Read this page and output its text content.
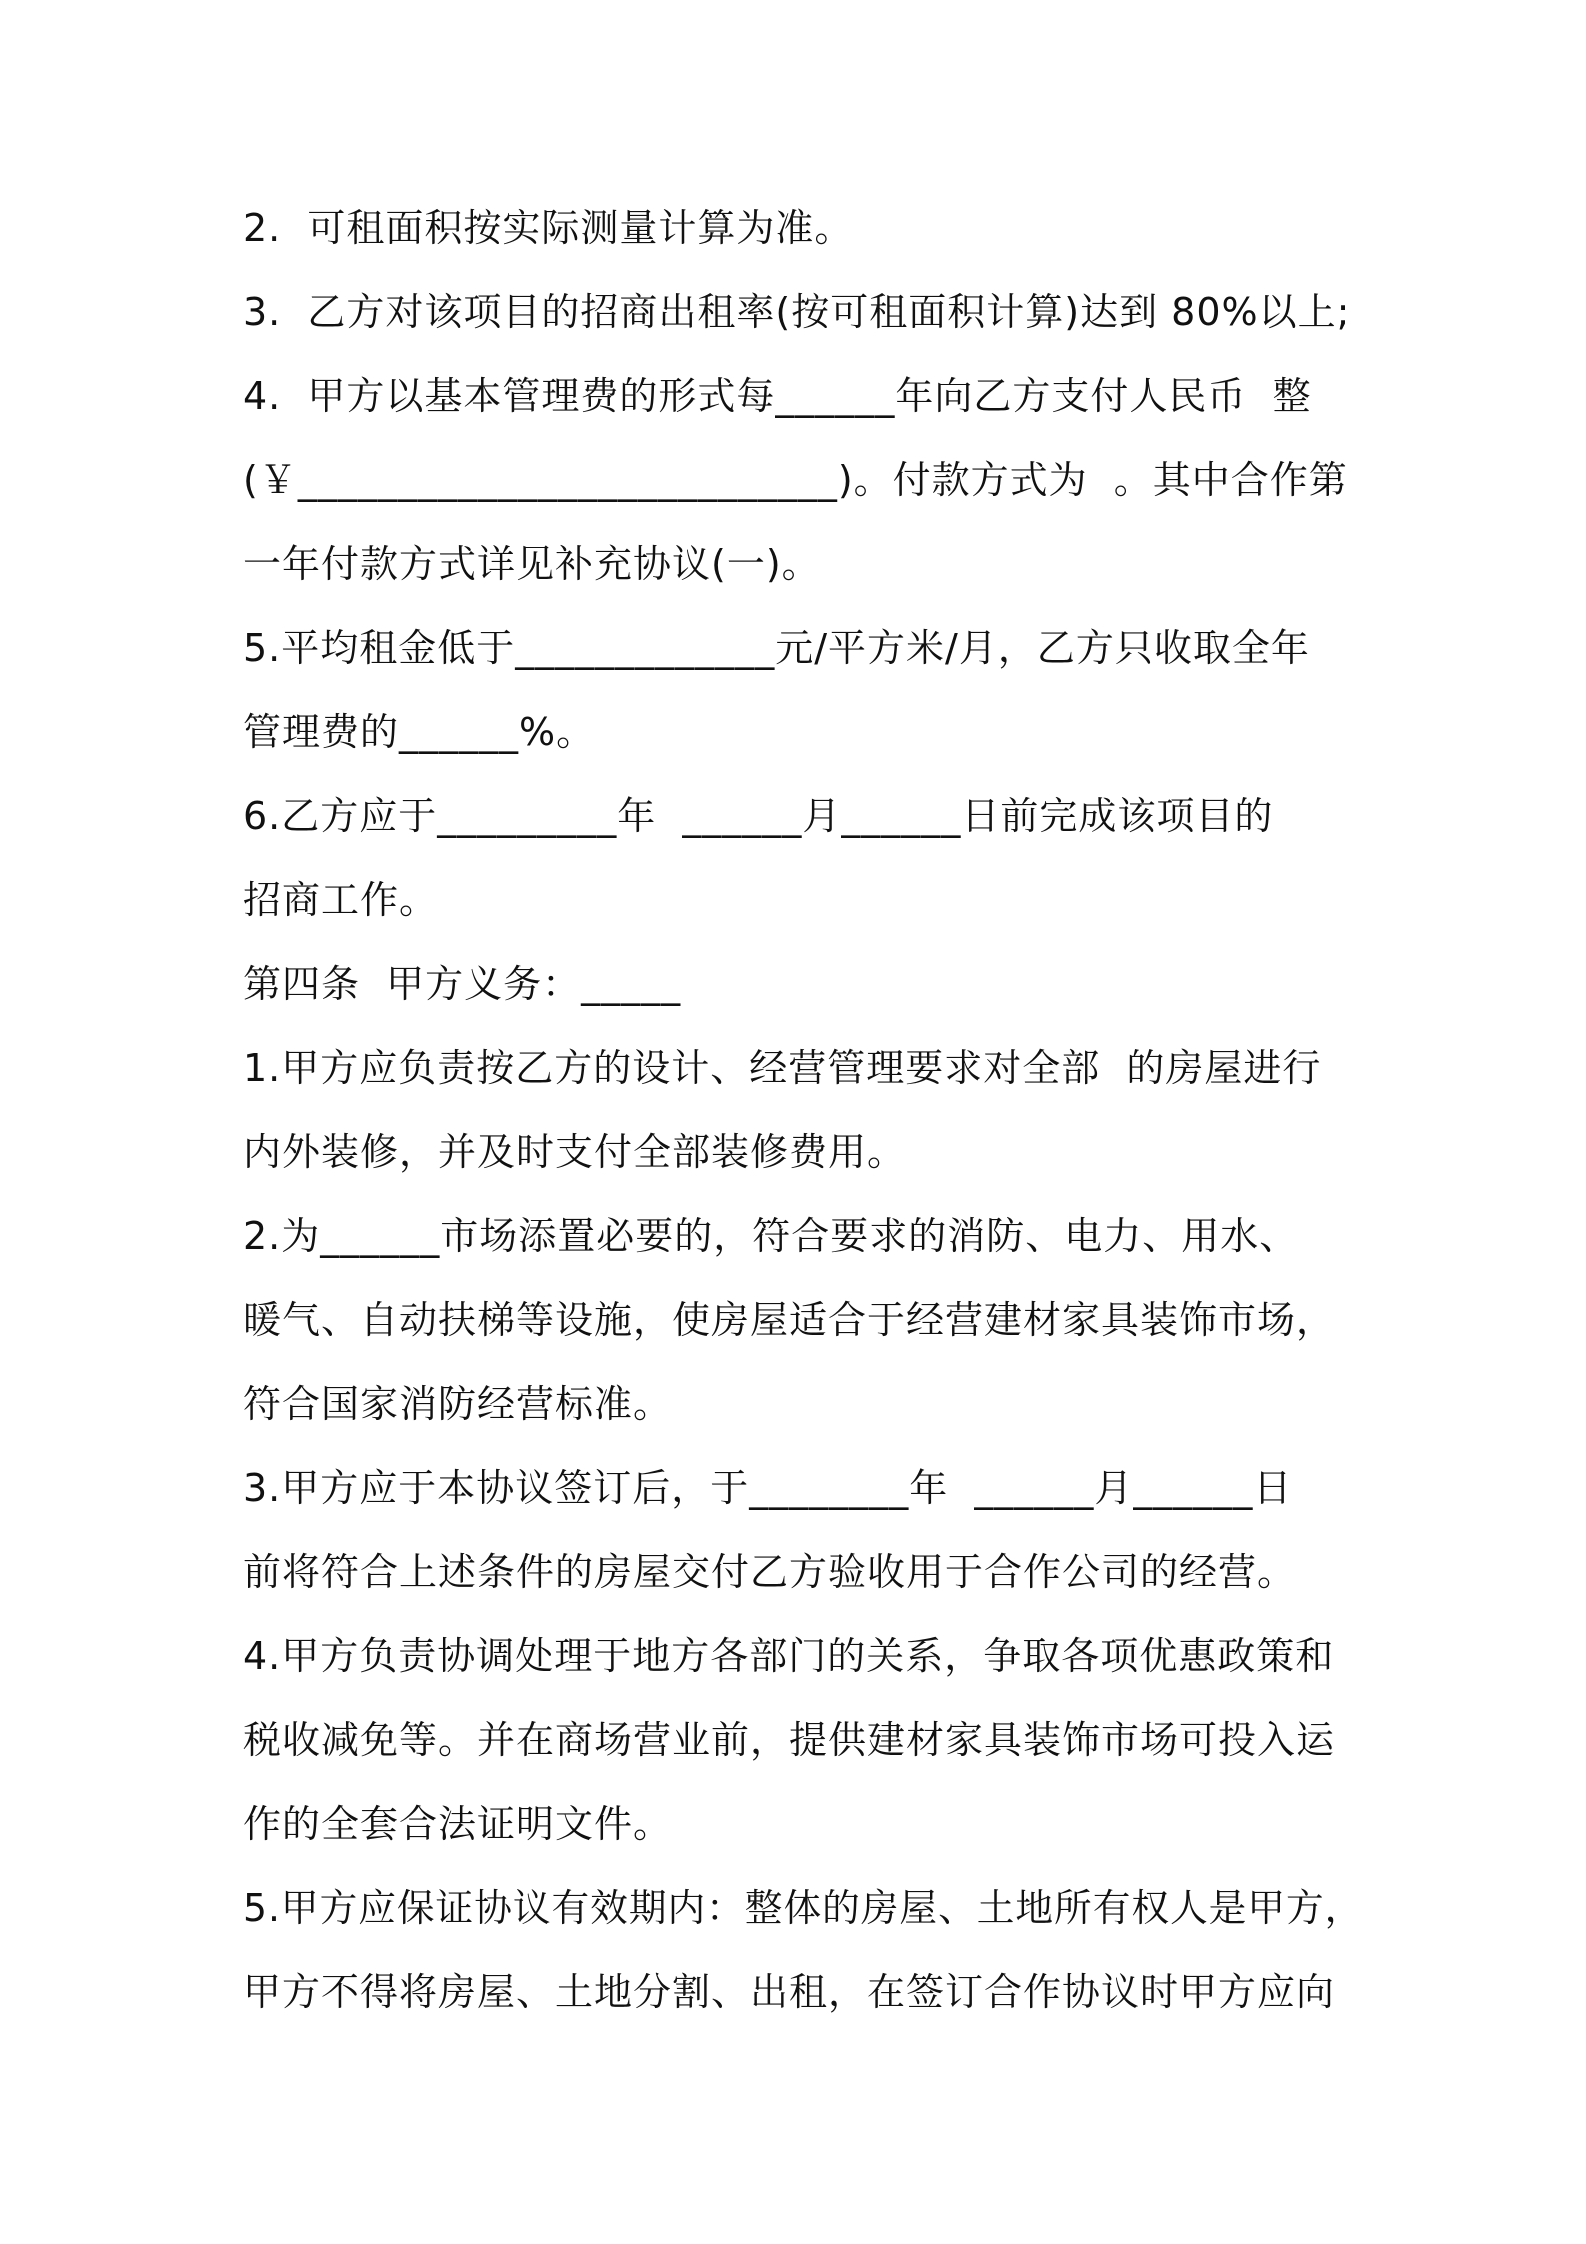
2.  可租面积按实际测量计算为准。
3.  乙方对该项目的招商出租率(按可租面积计算)达到 80%以上;
4.  甲方以基本管理费的形式每______年向乙方支付人民币  整
(￥___________________________)。付款方式为  。其中合作第
一年付款方式详见补充协议(一)。
5.平均租金低于_____________元/平方米/月，乙方只收取全年
管理费的______%。
6.乙方应于_________年  ______月______日前完成该项目的
招商工作。
第四条  甲方义务：_____
1.甲方应负责按乙方的设计、经营管理要求对全部  的房屋进行
内外装修，并及时支付全部装修费用。
2.为______市场添置必要的，符合要求的消防、电力、用水、
暖气、自动扶梯等设施，使房屋适合于经营建材家具装饰市场，
符合国家消防经营标准。
3.甲方应于本协议签订后，于________年  ______月______日
前将符合上述条件的房屋交付乙方验收用于合作公司的经营。
4.甲方负责协调处理于地方各部门的关系，争取各项优惠政策和
税收减免等。并在商场营业前，提供建材家具装饰市场可投入运
作的全套合法证明文件。
5.甲方应保证协议有效期内：整体的房屋、土地所有权人是甲方，
甲方不得将房屋、土地分割、出租，在签订合作协议时甲方应向
